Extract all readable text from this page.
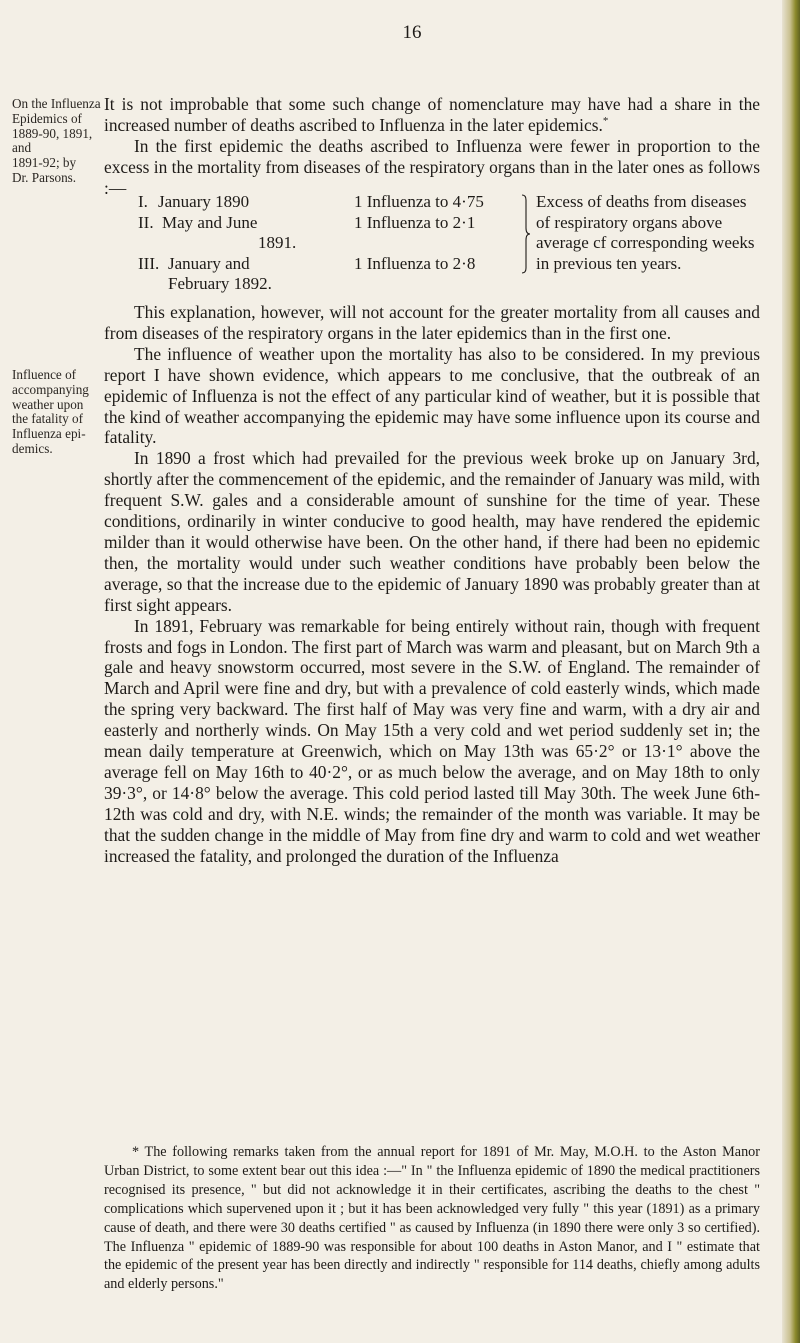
16
On the Influenza
Epidemics of
1889-90, 1891, and
1891-92; by
Dr. Parsons.
Influence of
accompanying
weather upon
the fatality of
Influenza epi-
demics.

It is not improbable that some such change of nomenclature may have had a share in the increased number of deaths ascribed to Influenza in the later epidemics.*

In the first epidemic the deaths ascribed to Influenza were fewer in proportion to the excess in the mortality from diseases of the respiratory organs than in the later ones as follows :—

I. January 1890	1 Influenza to 4·75
II. May and June	1 Influenza to 2·1
1891.
III. January and	1 Influenza to 2·8
February 1892.
Excess of deaths from diseases of respiratory organs above average cf corresponding weeks in previous ten years.

This explanation, however, will not account for the greater mortality from all causes and from diseases of the respiratory organs in the later epidemics than in the first one.

The influence of weather upon the mortality has also to be considered. In my previous report I have shown evidence, which appears to me conclusive, that the outbreak of an epidemic of Influenza is not the effect of any particular kind of weather, but it is possible that the kind of weather accompanying the epidemic may have some influence upon its course and fatality.

In 1890 a frost which had prevailed for the previous week broke up on January 3rd, shortly after the commencement of the epidemic, and the remainder of January was mild, with frequent S.W. gales and a considerable amount of sunshine for the time of year. These conditions, ordinarily in winter conducive to good health, may have rendered the epidemic milder than it would otherwise have been. On the other hand, if there had been no epidemic then, the mortality would under such weather conditions have probably been below the average, so that the increase due to the epidemic of January 1890 was probably greater than at first sight appears.

In 1891, February was remarkable for being entirely without rain, though with frequent frosts and fogs in London. The first part of March was warm and pleasant, but on March 9th a gale and heavy snowstorm occurred, most severe in the S.W. of England. The remainder of March and April were fine and dry, but with a prevalence of cold easterly winds, which made the spring very backward. The first half of May was very fine and warm, with a dry air and easterly and northerly winds. On May 15th a very cold and wet period suddenly set in; the mean daily temperature at Greenwich, which on May 13th was 65·2° or 13·1° above the average fell on May 16th to 40·2°, or as much below the average, and on May 18th to only 39·3°, or 14·8° below the average. This cold period lasted till May 30th. The week June 6th-12th was cold and dry, with N.E. winds; the remainder of the month was variable. It may be that the sudden change in the middle of May from fine dry and warm to cold and wet weather increased the fatality, and prolonged the duration of the Influenza

* The following remarks taken from the annual report for 1891 of Mr. May, M.O.H. to the Aston Manor Urban District, to some extent bear out this idea :—" In " the Influenza epidemic of 1890 the medical practitioners recognised its presence, " but did not acknowledge it in their certificates, ascribing the deaths to the chest " complications which supervened upon it ; but it has been acknowledged very fully " this year (1891) as a primary cause of death, and there were 30 deaths certified " as caused by Influenza (in 1890 there were only 3 so certified). The Influenza " epidemic of 1889-90 was responsible for about 100 deaths in Aston Manor, and I " estimate that the epidemic of the present year has been directly and indirectly " responsible for 114 deaths, chiefly among adults and elderly persons."
